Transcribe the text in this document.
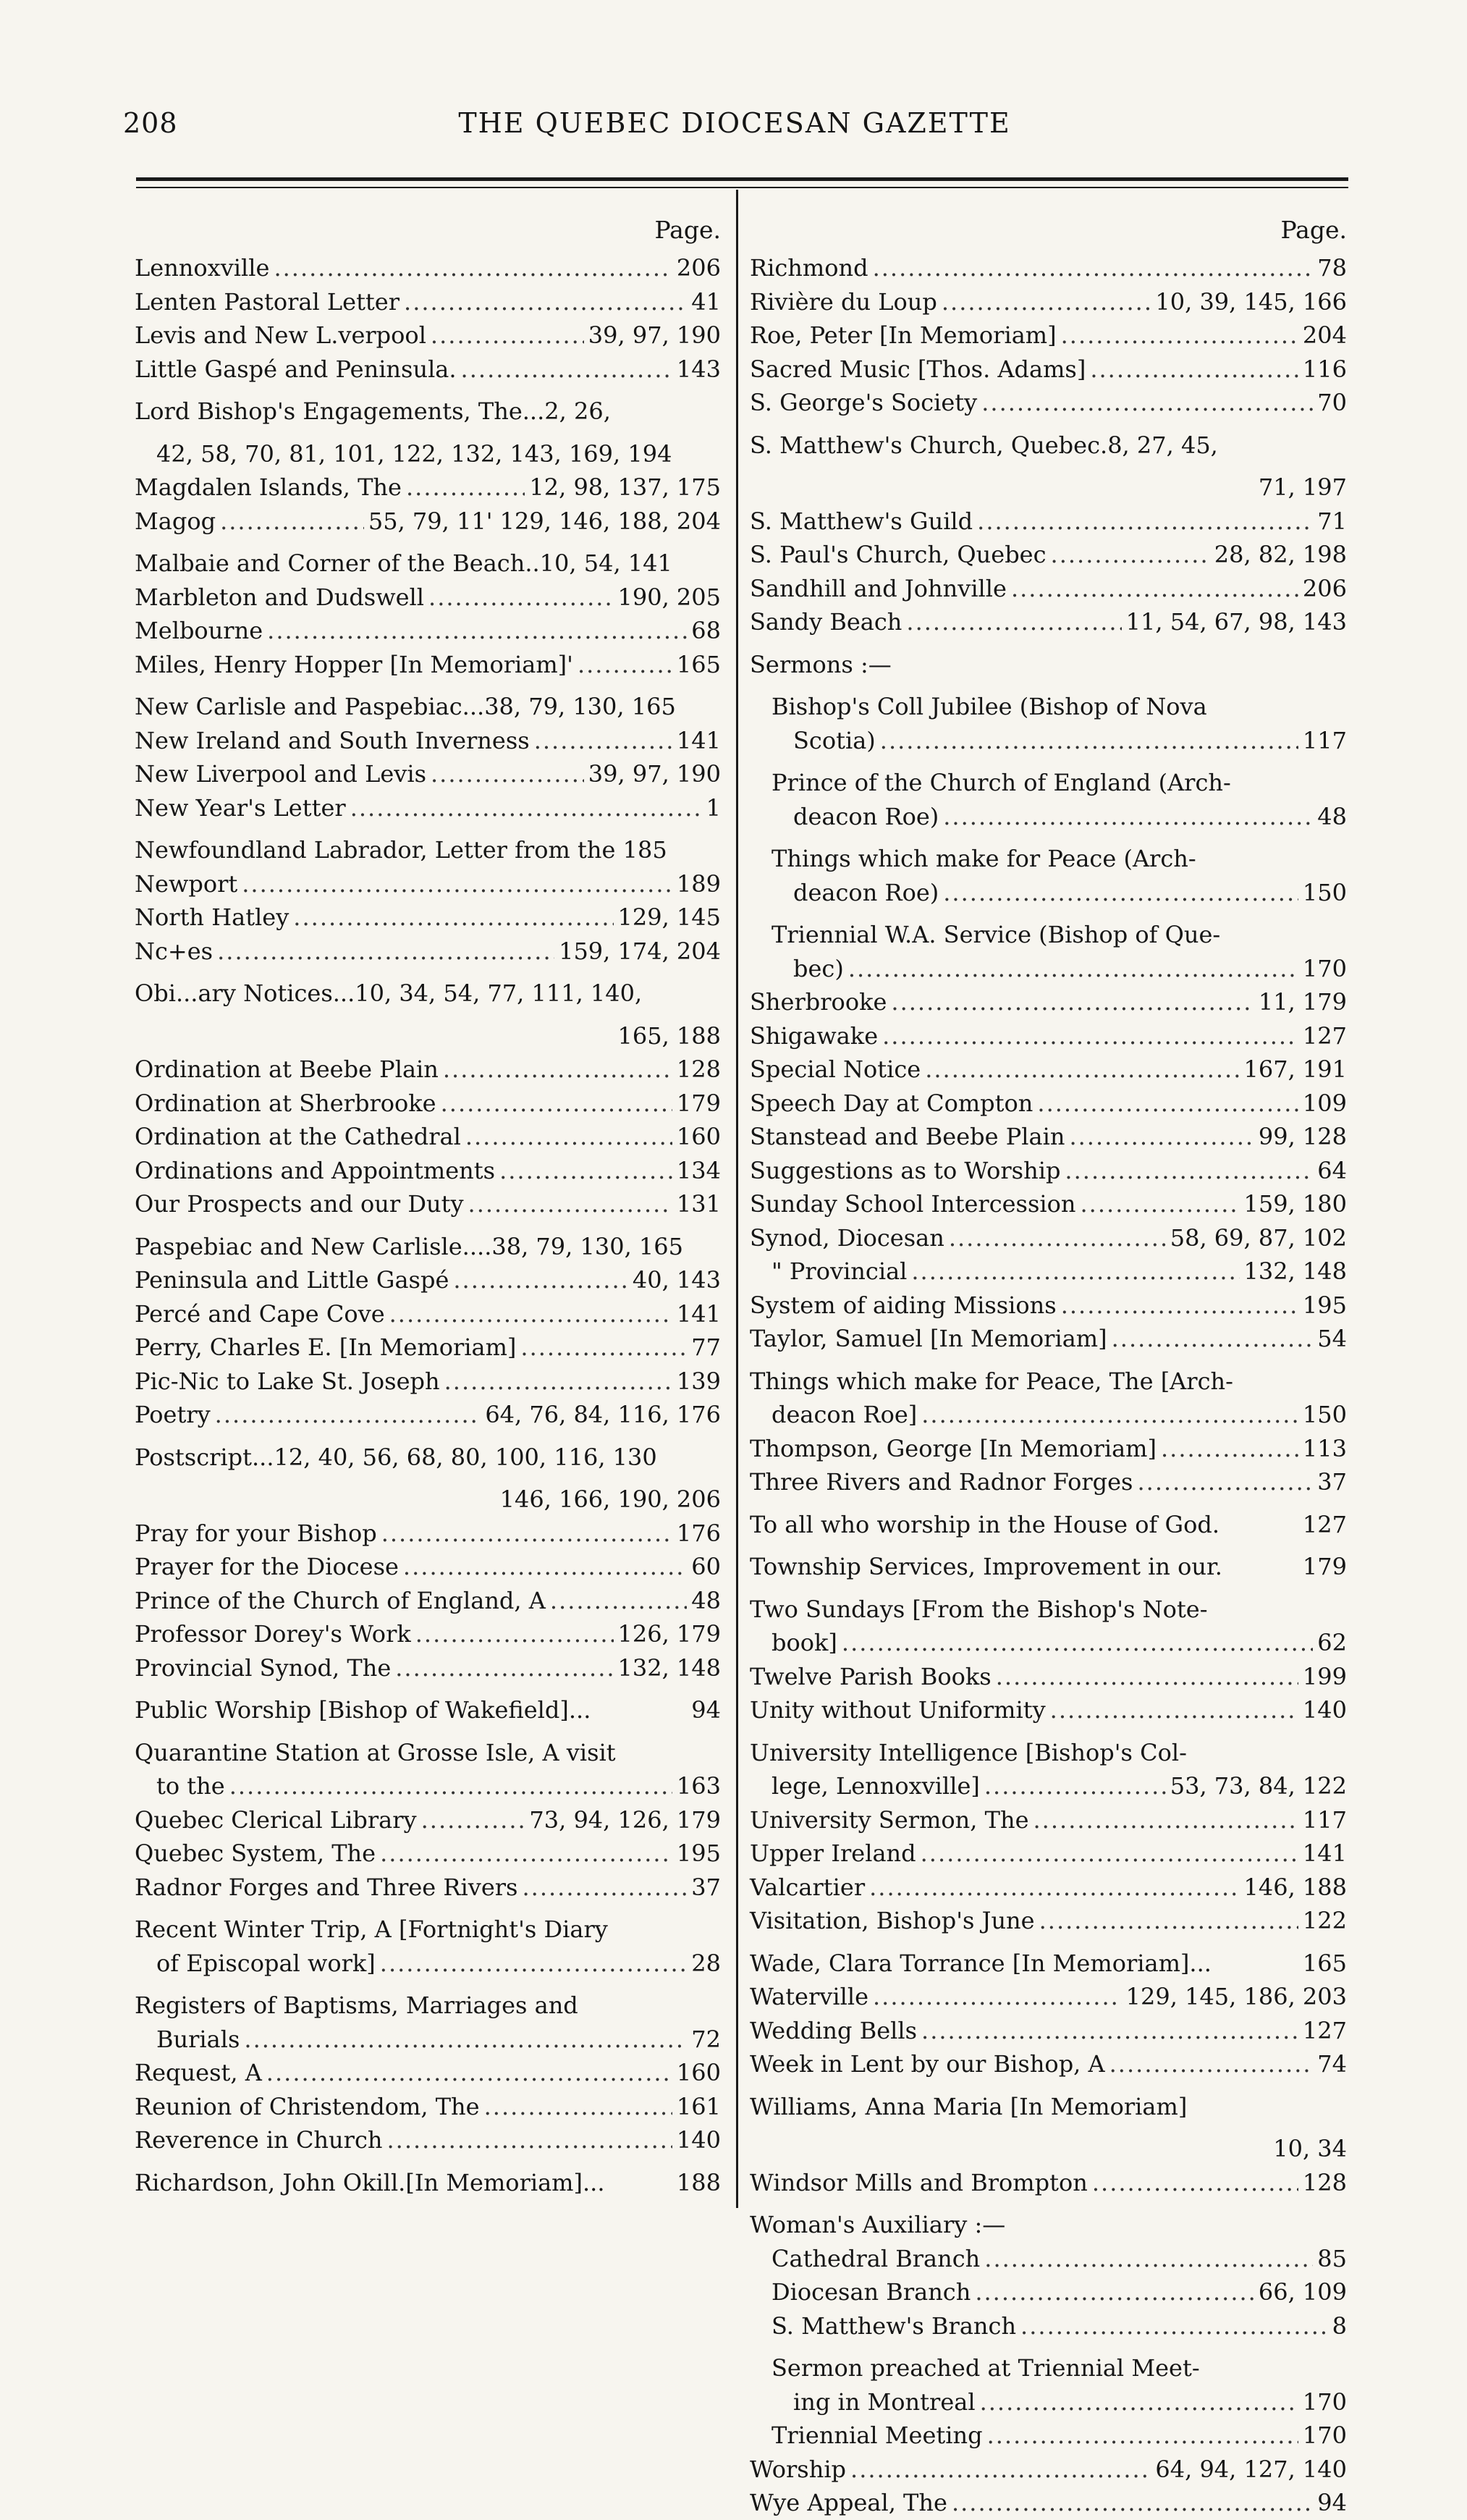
208	THE QUEBEC DIOCESAN GAZETTE
Page.
Lennoxville .....	206
Lenten Pastoral Letter .....	41
Levis and New L.verpool .....	39, 97, 190
Little Gaspé and Peninsula. .....	143
Lord Bishop's Engagements, The...2, 26,
42, 58, 70, 81, 101, 122, 132, 143, 169, 194
Magdalen Islands, The .....	12, 98, 137, 175
Magog .....	55, 79, 11' 129, 146, 188, 204
Malbaie and Corner of the Beach..10, 54, 141
Marbleton and Dudswell .....	190, 205
Melbourne .....	68
Miles, Henry Hopper [In Memoriam]' .....	165
New Carlisle and Paspebiac...38, 79, 130, 165
New Ireland and South Inverness .....	141
New Liverpool and Levis .....	39, 97, 190
New Year's Letter .....	1
Newfoundland Labrador, Letter from the 185
Newport .....	189
North Hatley .....	129, 145
Nc+es .....	159, 174, 204
Obi...ary Notices...10, 34, 54, 77, 111, 140,
165, 188
Ordination at Beebe Plain .....	128
Ordination at Sherbrooke .....	179
Ordination at the Cathedral .....	160
Ordinations and Appointments .....	134
Our Prospects and our Duty .....	131
Paspebiac and New Carlisle....38, 79, 130, 165
Peninsula and Little Gaspé .....	40, 143
Percé and Cape Cove .....	141
Perry, Charles E. [In Memoriam] .....	77
Pic-Nic to Lake St. Joseph .....	139
Poetry .....	64, 76, 84, 116, 176
Postscript...12, 40, 56, 68, 80, 100, 116, 130
146, 166, 190, 206
Pray for your Bishop .....	176
Prayer for the Diocese .....	60
Prince of the Church of England, A .....	48
Professor Dorey's Work .....	126, 179
Provincial Synod, The .....	132, 148
Public Worship [Bishop of Wakefield]...	94
Quarantine Station at Grosse Isle, A visit
to the .....	163
Quebec Clerical Library .....	73, 94, 126, 179
Quebec System, The .....	195
Radnor Forges and Three Rivers .....	37
Recent Winter Trip, A [Fortnight's Diary
of Episcopal work] .....	28
Registers of Baptisms, Marriages and
Burials .....	72
Request, A .....	160
Reunion of Christendom, The .....	161
Reverence in Church .....	140
Richardson, John Okill.[In Memoriam]...	188
Page.
Richmond .....	78
Rivière du Loup .....	10, 39, 145, 166
Roe, Peter [In Memoriam] .....	204
Sacred Music [Thos. Adams] .....	116
S. George's Society .....	70
S. Matthew's Church, Quebec.8, 27, 45,
71, 197
S. Matthew's Guild .....	71
S. Paul's Church, Quebec .....	28, 82, 198
Sandhill and Johnville .....	206
Sandy Beach .....	11, 54, 67, 98, 143
Sermons :—
Bishop's Coll Jubilee (Bishop of Nova
Scotia) .....	117
Prince of the Church of England (Arch-
deacon Roe) .....	48
Things which make for Peace (Arch-
deacon Roe) .....	150
Triennial W.A. Service (Bishop of Que-
bec) .....	170
Sherbrooke .....	11, 179
Shigawake .....	127
Special Notice .....	167, 191
Speech Day at Compton .....	109
Stanstead and Beebe Plain .....	99, 128
Suggestions as to Worship .....	64
Sunday School Intercession .....	159, 180
Synod, Diocesan .....	58, 69, 87, 102
" Provincial .....	132, 148
System of aiding Missions .....	195
Taylor, Samuel [In Memoriam] .....	54
Things which make for Peace, The [Arch-
deacon Roe] .....	150
Thompson, George [In Memoriam] .....	113
Three Rivers and Radnor Forges .....	37
To all who worship in the House of God.	127
Township Services, Improvement in our.	179
Two Sundays [From the Bishop's Note-
book] .....	62
Twelve Parish Books .....	199
Unity without Uniformity .....	140
University Intelligence [Bishop's Col-
lege, Lennoxville] .....	53, 73, 84, 122
University Sermon, The .....	117
Upper Ireland .....	141
Valcartier .....	146, 188
Visitation, Bishop's June .....	122
Wade, Clara Torrance [In Memoriam]...	165
Waterville .....	129, 145, 186, 203
Wedding Bells .....	127
Week in Lent by our Bishop, A .....	74
Williams, Anna Maria [In Memoriam]
10, 34
Windsor Mills and Brompton .....	128
Woman's Auxiliary :—
Cathedral Branch .....	85
Diocesan Branch .....	66, 109
S. Matthew's Branch .....	8
Sermon preached at Triennial Meet-
ing in Montreal .....	170
Triennial Meeting .....	170
Worship .....	64, 94, 127, 140
Wye Appeal, The .....	94
